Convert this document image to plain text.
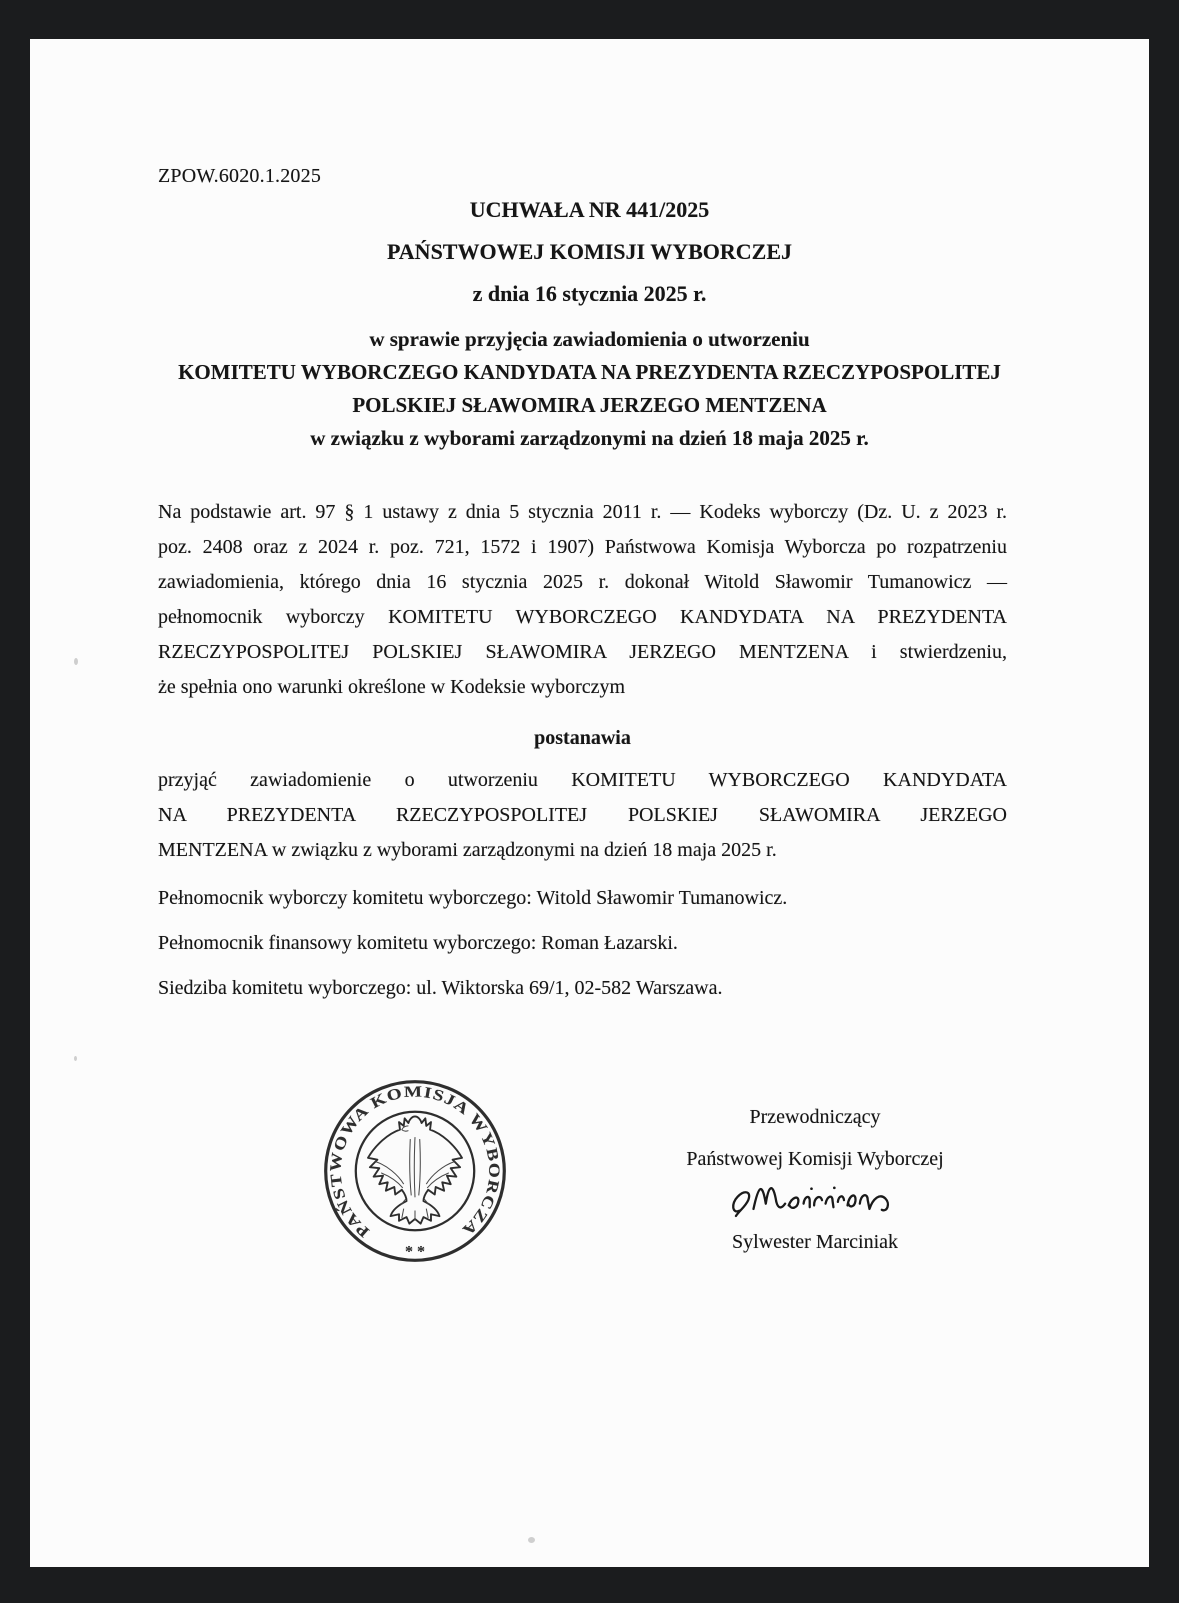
ZPOW.6020.1.2025
UCHWAŁA NR 441/2025
PAŃSTWOWEJ KOMISJI WYBORCZEJ
z dnia 16 stycznia 2025 r.
w sprawie przyjęcia zawiadomienia o utworzeniu
KOMITETU WYBORCZEGO KANDYDATA NA PREZYDENTA RZECZYPOSPOLITEJ
POLSKIEJ SŁAWOMIRA JERZEGO MENTZENA
w związku z wyborami zarządzonymi na dzień 18 maja 2025 r.
Na podstawie art. 97 § 1 ustawy z dnia 5 stycznia 2011 r. — Kodeks wyborczy (Dz. U. z 2023 r.
poz. 2408 oraz z 2024 r. poz. 721, 1572 i 1907) Państwowa Komisja Wyborcza po rozpatrzeniu
zawiadomienia, którego dnia 16 stycznia 2025 r. dokonał Witold Sławomir Tumanowicz —
pełnomocnik wyborczy KOMITETU WYBORCZEGO KANDYDATA NA PREZYDENTA
RZECZYPOSPOLITEJ POLSKIEJ SŁAWOMIRA JERZEGO MENTZENA i stwierdzeniu,
że spełnia ono warunki określone w Kodeksie wyborczym
postanawia
przyjąć zawiadomienie o utworzeniu KOMITETU WYBORCZEGO KANDYDATA
NA PREZYDENTA RZECZYPOSPOLITEJ POLSKIEJ SŁAWOMIRA JERZEGO
MENTZENA w związku z wyborami zarządzonymi na dzień 18 maja 2025 r.
Pełnomocnik wyborczy komitetu wyborczego: Witold Sławomir Tumanowicz.
Pełnomocnik finansowy komitetu wyborczego: Roman Łazarski.
Siedziba komitetu wyborczego: ul. Wiktorska 69/1, 02-582 Warszawa.
PAŃSTWOWA KOMISJA WYBORCZA
* *
Przewodniczący
Państwowej Komisji Wyborczej
Sylwester Marciniak
